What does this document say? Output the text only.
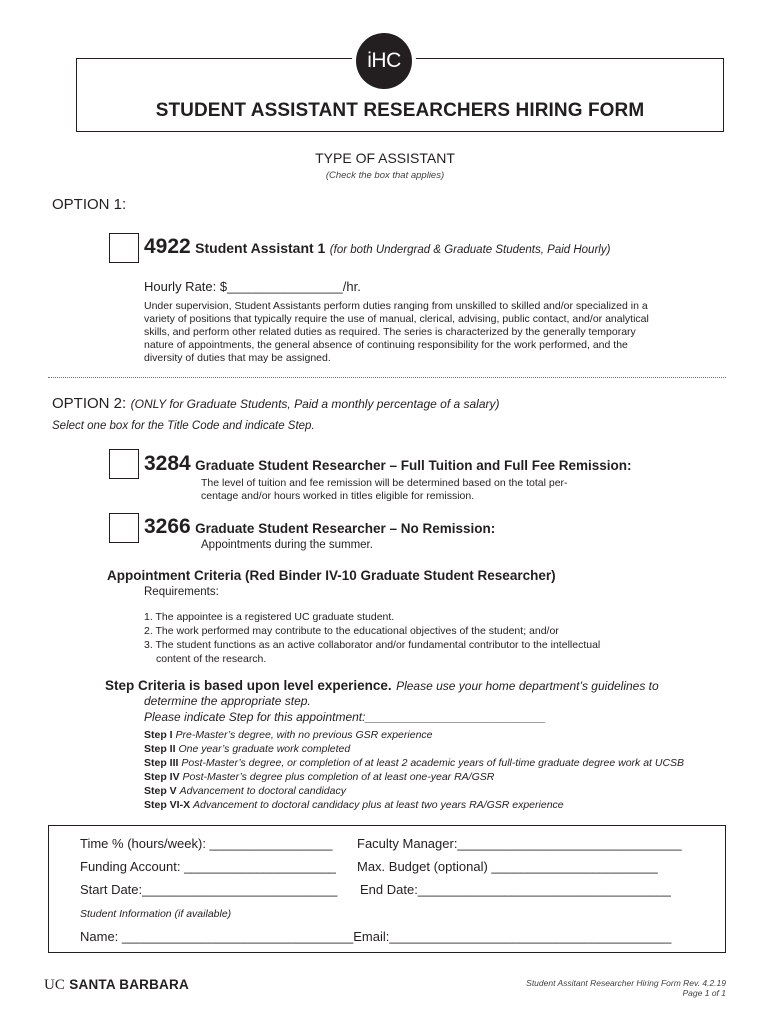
iHC
STUDENT ASSISTANT RESEARCHERS HIRING FORM
TYPE OF ASSISTANT
(Check the box that applies)
OPTION 1:
4922 Student Assistant 1 (for both Undergrad & Graduate Students, Paid Hourly)
Hourly Rate: $________________/hr.
Under supervision, Student Assistants perform duties ranging from unskilled to skilled and/or specialized in a
variety of positions that typically require the use of manual, clerical, advising, public contact, and/or analytical
skills, and perform other related duties as required. The series is characterized by the generally temporary
nature of appointments, the general absence of continuing responsibility for the work performed, and the
diversity of duties that may be assigned.
OPTION 2: (ONLY for Graduate Students, Paid a monthly percentage of a salary)
Select one box for the Title Code and indicate Step.
3284 Graduate Student Researcher – Full Tuition and Full Fee Remission:
The level of tuition and fee remission will be determined based on the total per-
centage and/or hours worked in titles eligible for remission.
3266 Graduate Student Researcher – No Remission:
Appointments during the summer.
Appointment Criteria (Red Binder IV-10 Graduate Student Researcher)
Requirements:
1. The appointee is a registered UC graduate student.
2. The work performed may contribute to the educational objectives of the student; and/or
3. The student functions as an active collaborator and/or fundamental contributor to the intellectual
content of the research.
Step Criteria is based upon level experience. Please use your home department’s guidelines to
determine the appropriate step.
Please indicate Step for this appointment:___________________________
Step I Pre-Master’s degree, with no previous GSR experience
Step II One year’s graduate work completed
Step III Post-Master’s degree, or completion of at least 2 academic years of full-time graduate degree work at UCSB
Step IV Post-Master’s degree plus completion of at least one-year RA/GSR
Step V Advancement to doctoral candidacy
Step VI-X Advancement to doctoral candidacy plus at least two years RA/GSR experience
Time % (hours/week): _________________ Faculty Manager:_______________________________
Funding Account: _____________________ Max. Budget (optional) _______________________
Start Date:___________________________ End Date:___________________________________
Student Information (if available)
Name: ________________________________Email:_______________________________________
UC SANTA BARBARA	Student Assitant Researcher Hiring Form Rev. 4.2.19
Page 1 of 1
